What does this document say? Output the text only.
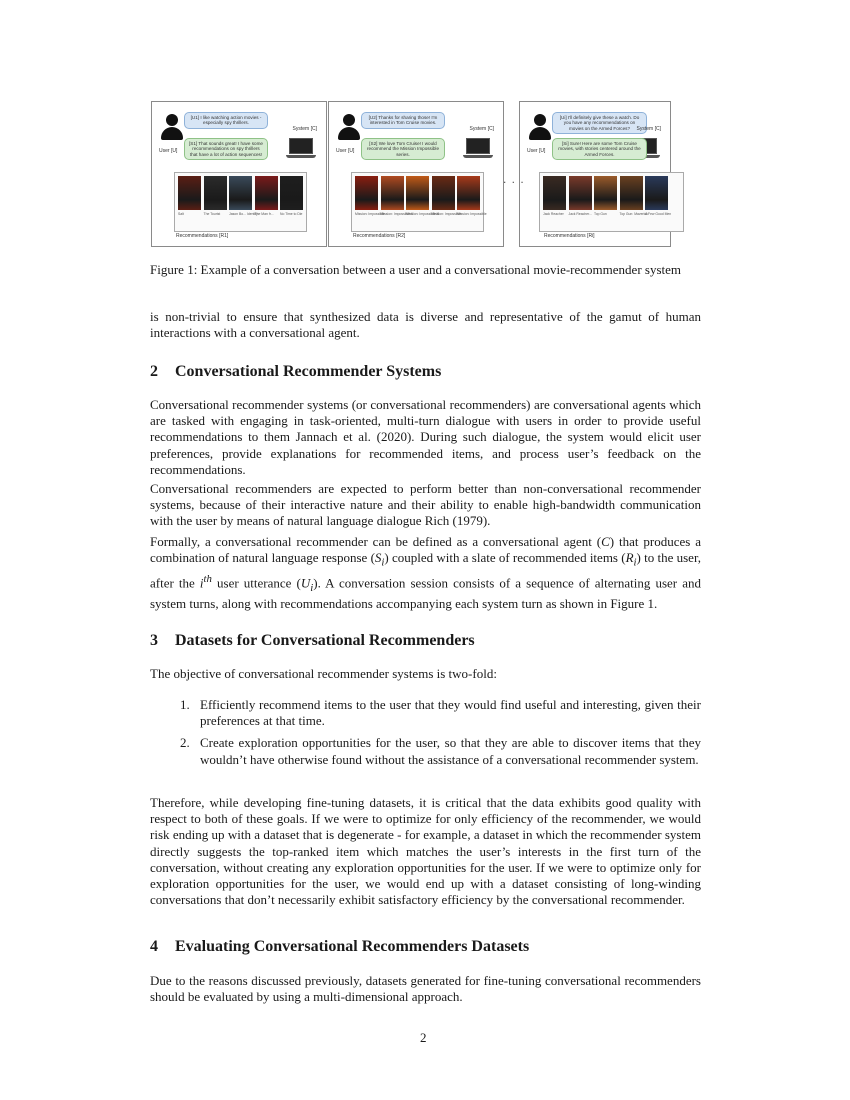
User [U]
[U1] I like watching action movies - especially spy thrillers.
System [C]
[S1] That sounds great! I have some recommendations on spy thrillers that have a lot of action sequences!
Salt	The Tourist	Jason Bo... Identity
The Man fr... No Time to Die
Recommendations [R1]
User [U]
[U2] Thanks for sharing those! I'm interested in Tom Cruise movies.
System [C]
[S2] We love Tom Cruise! I would recommend the Mission Impossible series.
Mission: Impossible
Mission: Impossible II
Mission: Impossible III
Mission: Impossible
Mission: Impossible
Recommendations [R2]
User [U]
[Ui] I'll definitely give these a watch. Do you have any recommendations on movies on the Armed Forces?	System [C]
[Si] Sure! Here are some Tom Cruise movies, with stories centered around the Armed Forces.
Jack Reacher Jack Reacher... Top Gun	Top Gun: Maverick
A Few Good Men
Recommendations [Ri]
. . .
Figure 1: Example of a conversation between a user and a conversational movie-recommender system

is non-trivial to ensure that synthesized data is diverse and representative of the gamut of human interactions with a conversational agent.

2 Conversational Recommender Systems

Conversational recommender systems (or conversational recommenders) are conversational agents which are tasked with engaging in task-oriented, multi-turn dialogue with users in order to provide useful recommendations to them Jannach et al. (2020). During such dialogue, the system would elicit user preferences, provide explanations for recommended items, and process user’s feedback on the recommendations.

Conversational recommenders are expected to perform better than non-conversational recommender systems, because of their interactive nature and their ability to enable high-bandwidth communication with the user by means of natural language dialogue Rich (1979).

Formally, a conversational recommender can be defined as a conversational agent (C) that produces a combination of natural language response $(S_i)$ coupled with a slate of recommended items $(R_i)$ to the user, after the $i^{th}$ user utterance $(U_i)$. A conversation session consists of a sequence of alternating user and system turns, along with recommendations accompanying each system turn as shown in Figure 1.

3 Datasets for Conversational Recommenders

The objective of conversational recommender systems is two-fold:

1. Efficiently recommend items to the user that they would find useful and interesting, given their preferences at that time.
2. Create exploration opportunities for the user, so that they are able to discover items that they wouldn’t have otherwise found without the assistance of a conversational recommender system.

Therefore, while developing fine-tuning datasets, it is critical that the data exhibits good quality with respect to both of these goals. If we were to optimize for only efficiency of the recommender, we would risk ending up with a dataset that is degenerate - for example, a dataset in which the recommender system directly suggests the top-ranked item which matches the user’s interests in the first turn of the conversation, without creating any exploration opportunities for the user. If we were to optimize only for exploration opportunities for the user, we would end up with a dataset consisting of long-winding conversations that don’t necessarily exhibit satisfactory efficiency by the conversational recommender.

4 Evaluating Conversational Recommenders Datasets

Due to the reasons discussed previously, datasets generated for fine-tuning conversational recommenders should be evaluated by using a multi-dimensional approach.

2
